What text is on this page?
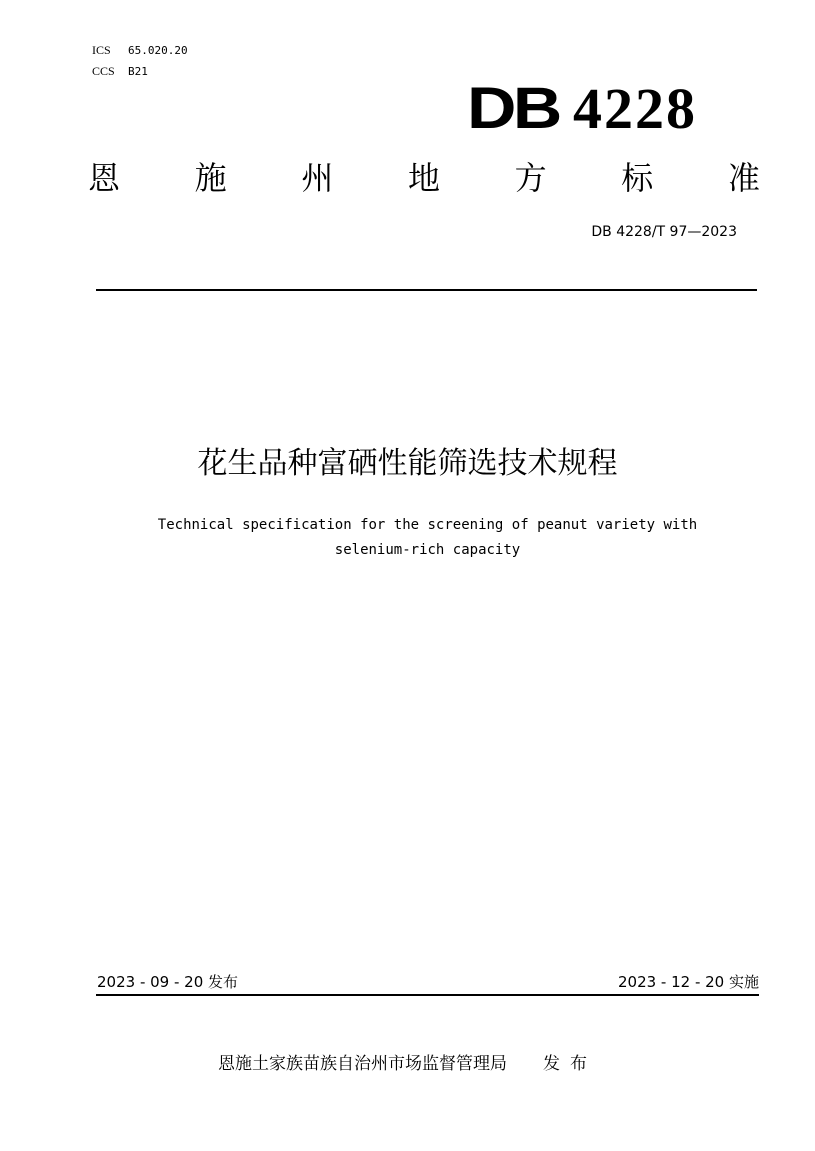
ICS 65.020.20
CCS B21
DB 4228
恩 施 州 地 方 标 准
DB 4228/T 97—2023
花生品种富硒性能筛选技术规程
Technical specification for the screening of peanut variety with
selenium-rich capacity
2023 - 09 - 20 发布	2023 - 12 - 20 实施
恩施土家族苗族自治州市场监督管理局 发布
